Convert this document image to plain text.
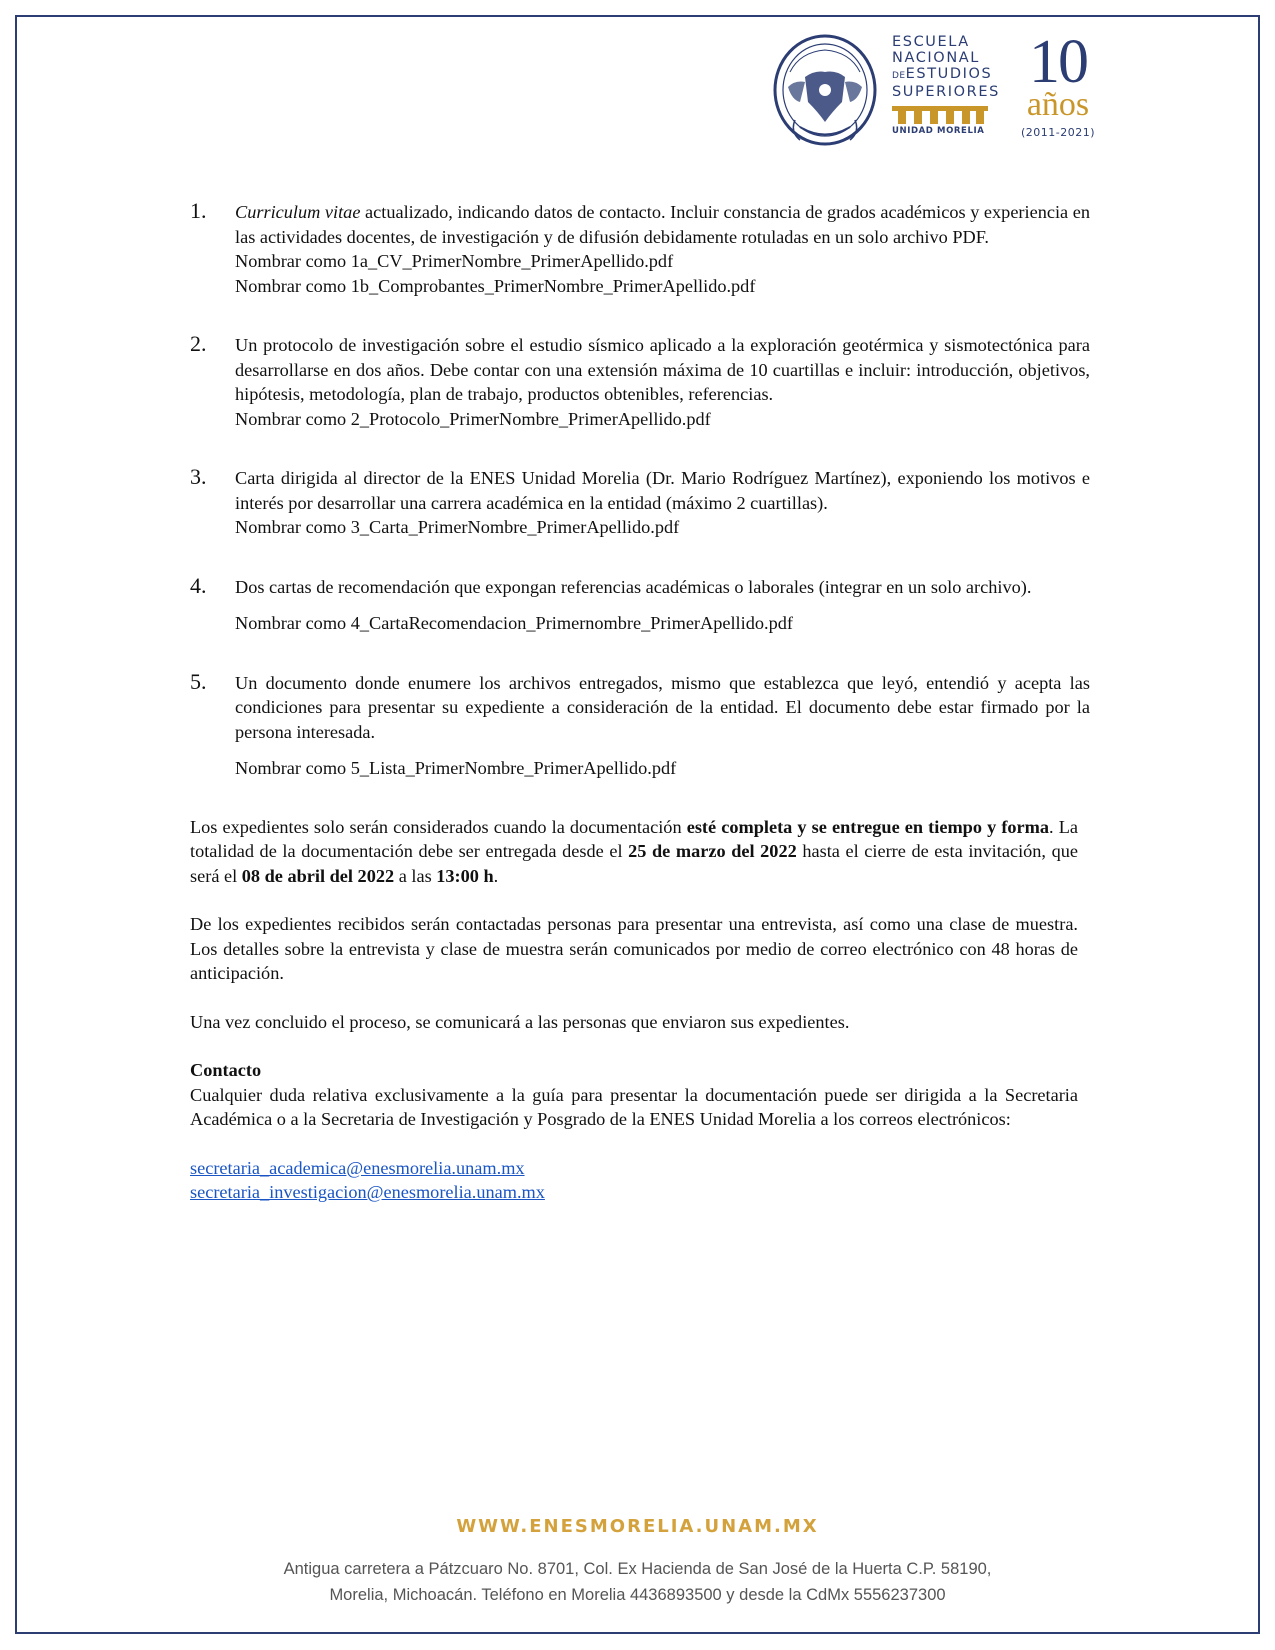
ESCUELA
NACIONAL
DEESTUDIOS
SUPERIORES
UNIDAD MORELIA
10
años
(2011-2021)
1. Curriculum vitae actualizado, indicando datos de contacto. Incluir constancia de grados académicos y experiencia en las actividades docentes, de investigación y de difusión debidamente rotuladas en un solo archivo PDF.
Nombrar como 1a_CV_PrimerNombre_PrimerApellido.pdf
Nombrar como 1b_Comprobantes_PrimerNombre_PrimerApellido.pdf
2. Un protocolo de investigación sobre el estudio sísmico aplicado a la exploración geotérmica y sismotectónica para desarrollarse en dos años. Debe contar con una extensión máxima de 10 cuartillas e incluir: introducción, objetivos, hipótesis, metodología, plan de trabajo, productos obtenibles, referencias.
Nombrar como 2_Protocolo_PrimerNombre_PrimerApellido.pdf
3. Carta dirigida al director de la ENES Unidad Morelia (Dr. Mario Rodríguez Martínez), exponiendo los motivos e interés por desarrollar una carrera académica en la entidad (máximo 2 cuartillas).
Nombrar como 3_Carta_PrimerNombre_PrimerApellido.pdf
4. Dos cartas de recomendación que expongan referencias académicas o laborales (integrar en un solo archivo).
Nombrar como 4_CartaRecomendacion_Primernombre_PrimerApellido.pdf
5. Un documento donde enumere los archivos entregados, mismo que establezca que leyó, entendió y acepta las condiciones para presentar su expediente a consideración de la entidad. El documento debe estar firmado por la persona interesada.
Nombrar como 5_Lista_PrimerNombre_PrimerApellido.pdf

Los expedientes solo serán considerados cuando la documentación esté completa y se entregue en tiempo y forma. La totalidad de la documentación debe ser entregada desde el 25 de marzo del 2022 hasta el cierre de esta invitación, que será el 08 de abril del 2022 a las 13:00 h.

De los expedientes recibidos serán contactadas personas para presentar una entrevista, así como una clase de muestra. Los detalles sobre la entrevista y clase de muestra serán comunicados por medio de correo electrónico con 48 horas de anticipación.

Una vez concluido el proceso, se comunicará a las personas que enviaron sus expedientes.

Contacto
Cualquier duda relativa exclusivamente a la guía para presentar la documentación puede ser dirigida a la Secretaria Académica o a la Secretaria de Investigación y Posgrado de la ENES Unidad Morelia a los correos electrónicos:
secretaria_academica@enesmorelia.unam.mx
secretaria_investigacion@enesmorelia.unam.mx
WWW.ENESMORELIA.UNAM.MX
Antigua carretera a Pátzcuaro No. 8701, Col. Ex Hacienda de San José de la Huerta C.P. 58190,
Morelia, Michoacán. Teléfono en Morelia 4436893500 y desde la CdMx 5556237300
